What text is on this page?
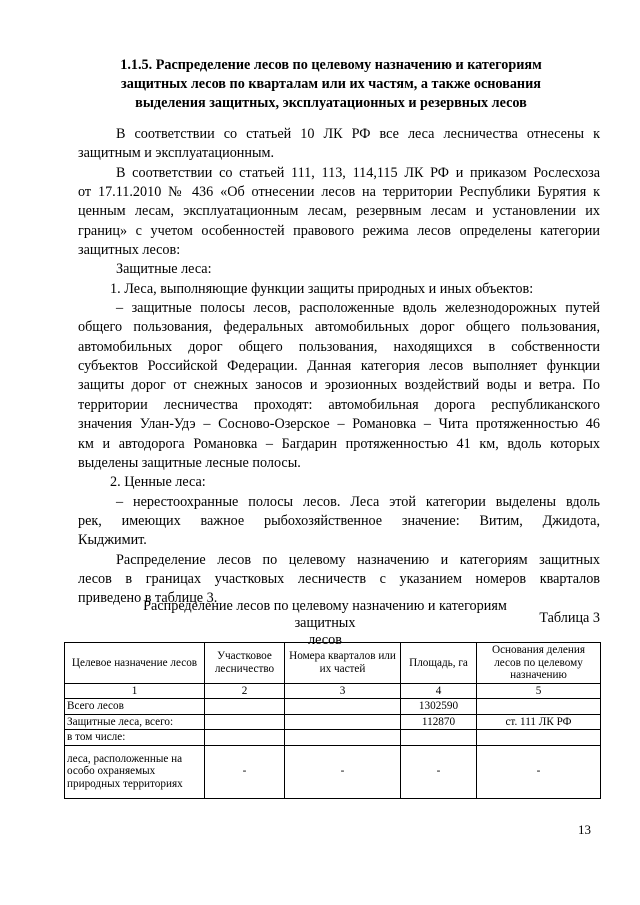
1.1.5. Распределение лесов по целевому назначению и категориям
защитных лесов по кварталам или их частям, а также основания
выделения защитных, эксплуатационных и резервных лесов
В соответствии со статьей 10 ЛК РФ все леса лесничества отнесены к
защитным и эксплуатационным.
В соответствии со статьей 111, 113, 114,115 ЛК РФ и приказом Рослесхоза
от 17.11.2010 № 436 «Об отнесении лесов на территории Республики Бурятия к
ценным лесам, эксплуатационным лесам, резервным лесам и установлении их
границ» с учетом особенностей правового режима лесов определены категории
защитных лесов:
Защитные леса:
1. Леса, выполняющие функции защиты природных и иных объектов:
– защитные полосы лесов, расположенные вдоль железнодорожных путей
общего пользования, федеральных автомобильных дорог общего пользования,
автомобильных дорог общего пользования, находящихся в собственности
субъектов Российской Федерации. Данная категория лесов выполняет функции
защиты дорог от снежных заносов и эрозионных воздействий воды и ветра. По
территории лесничества проходят: автомобильная дорога республиканского
значения Улан-Удэ – Сосново-Озерское – Романовка – Чита протяженностью 46
км и автодорога Романовка – Багдарин протяженностью 41 км, вдоль которых
выделены защитные лесные полосы.
2. Ценные леса:
– нерестоохранные полосы лесов. Леса этой категории выделены вдоль
рек, имеющих важное рыбохозяйственное значение: Витим, Джидота,
Кыджимит.
Распределение лесов по целевому назначению и категориям защитных
лесов в границах участковых лесничеств с указанием номеров кварталов
приведено в таблице 3.
Таблица 3
Распределение лесов по целевому назначению и категориям защитных
лесов
Целевое назначение лесов	Участковое лесничество	Номера кварталов или их частей	Площадь, га	Основания деления лесов по целевому назначению
1	2	3	4	5
Всего лесов			1302590	
Защитные леса, всего:			112870	ст. 111 ЛК РФ
в том числе:				
леса, расположенные на особо охраняемых природных территориях	-	-	-	-
13
